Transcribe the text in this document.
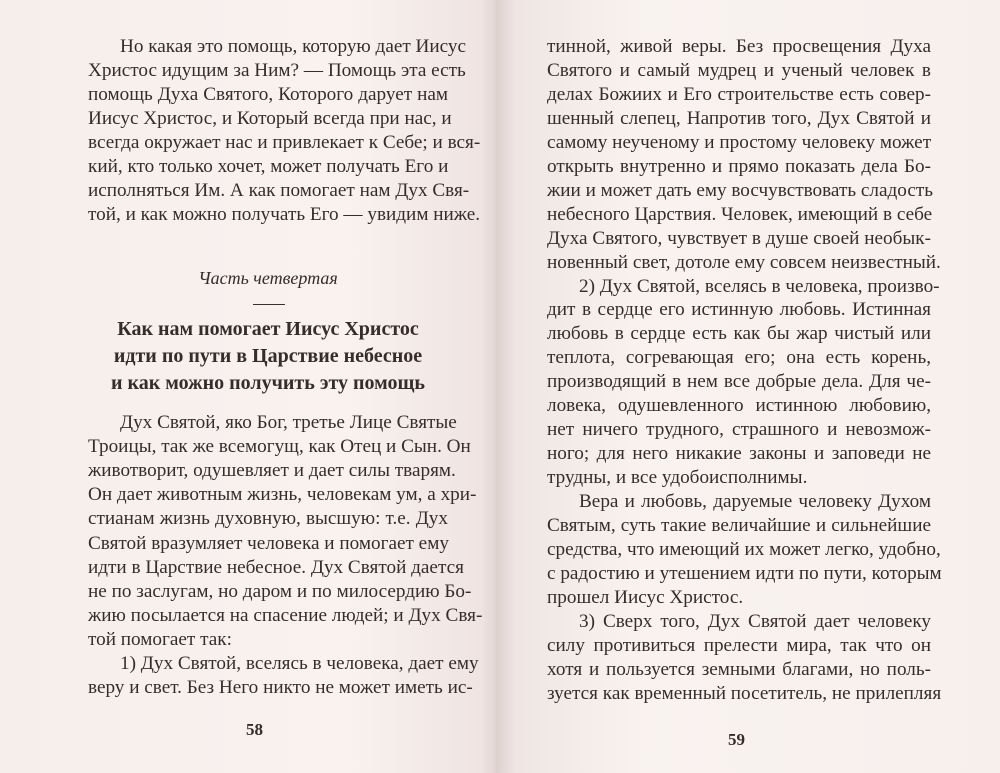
Но какая это помощь, которую дает Иисус
Христос идущим за Ним? — Помощь эта есть
помощь Духа Святого, Которого дарует нам
Иисус Христос, и Который всегда при нас, и
всегда окружает нас и привлекает к Себе; и вся-
кий, кто только хочет, может получать Его и
исполняться Им. А как помогает нам Дух Свя-
той, и как можно получать Его — увидим ниже.
Часть четвертая
Как нам помогает Иисус Христос
идти по пути в Царствие небесное
и как можно получить эту помощь
Дух Святой, яко Бог, третье Лице Святые
Троицы, так же всемогущ, как Отец и Сын. Он
животворит, одушевляет и дает силы тварям.
Он дает животным жизнь, человекам ум, а хри-
стианам жизнь духовную, высшую: т.е. Дух
Святой вразумляет человека и помогает ему
идти в Царствие небесное. Дух Святой дается
не по заслугам, но даром и по милосердию Бо-
жию посылается на спасение людей; и Дух Свя-
той помогает так:
1) Дух Святой, вселясь в человека, дает ему
веру и свет. Без Него никто не может иметь ис-
58
тинной, живой веры. Без просвещения Духа
Святого и самый мудрец и ученый человек в
делах Божиих и Его строительстве есть совер-
шенный слепец, Напротив того, Дух Святой и
самому неученому и простому человеку может
открыть внутренно и прямо показать дела Бо-
жии и может дать ему восчувствовать сладость
небесного Царствия. Человек, имеющий в себе
Духа Святого, чувствует в душе своей необык-
новенный свет, дотоле ему совсем неизвестный.
2) Дух Святой, вселясь в человека, произво-
дит в сердце его истинную любовь. Истинная
любовь в сердце есть как бы жар чистый или
теплота, согревающая его; она есть корень,
производящий в нем все добрые дела. Для че-
ловека, одушевленного истинною любовию,
нет ничего трудного, страшного и невозмож-
ного; для него никакие законы и заповеди не
трудны, и все удобоисполнимы.
Вера и любовь, даруемые человеку Духом
Святым, суть такие величайшие и сильнейшие
средства, что имеющий их может легко, удобно,
с радостию и утешением идти по пути, которым
прошел Иисус Христос.
3) Сверх того, Дух Святой дает человеку
силу противиться прелести мира, так что он
хотя и пользуется земными благами, но поль-
зуется как временный посетитель, не прилепляя
59
